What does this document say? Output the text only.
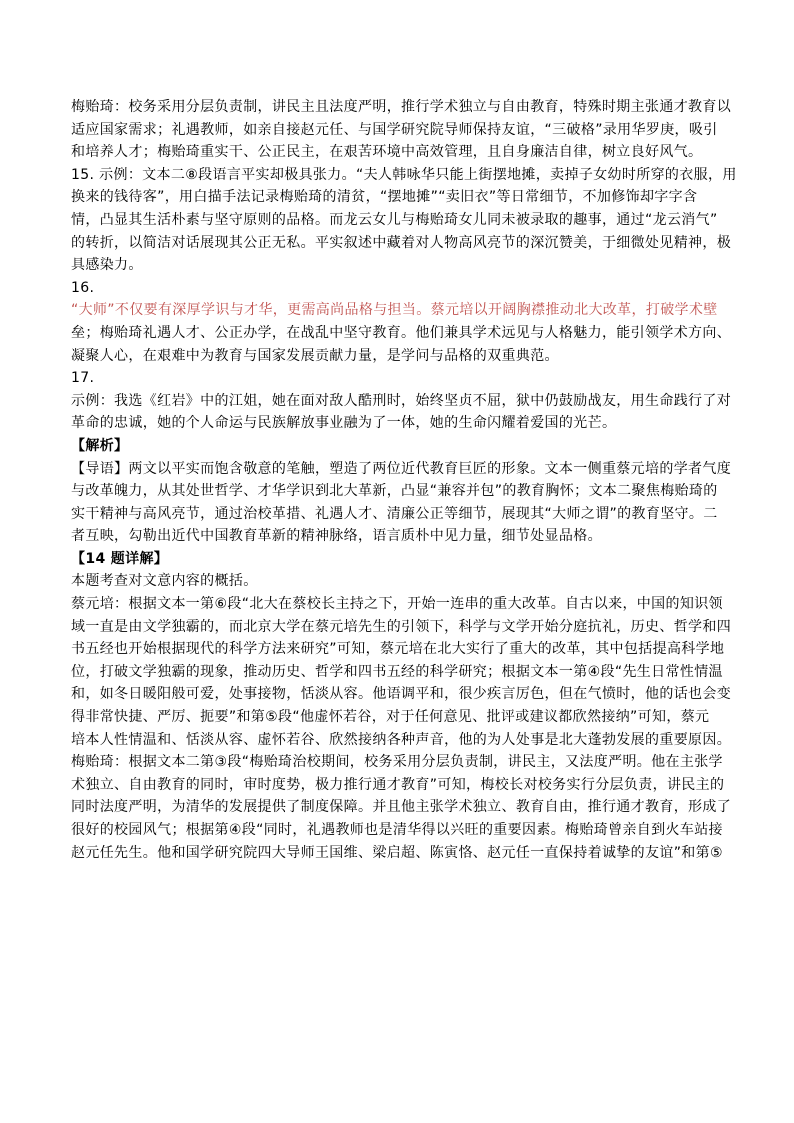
梅贻琦：校务采用分层负责制，讲民主且法度严明，推行学术独立与自由教育，特殊时期主张通才教育以
适应国家需求；礼遇教师，如亲自接赵元任、与国学研究院导师保持友谊，“三破格”录用华罗庚，吸引
和培养人才；梅贻琦重实干、公正民主，在艰苦环境中高效管理，且自身廉洁自律，树立良好风气。
15. 示例：文本二⑧段语言平实却极具张力。“夫人韩咏华只能上街摆地摊，卖掉子女幼时所穿的衣服，用
换来的钱待客”，用白描手法记录梅贻琦的清贫，“摆地摊”“卖旧衣”等日常细节，不加修饰却字字含
情，凸显其生活朴素与坚守原则的品格。而龙云女儿与梅贻琦女儿同未被录取的趣事，通过“龙云消气”
的转折，以简洁对话展现其公正无私。平实叙述中藏着对人物高风亮节的深沉赞美，于细微处见精神，极
具感染力。
16.
“大师”不仅要有深厚学识与才华，更需高尚品格与担当。蔡元培以开阔胸襟推动北大改革，打破学术壁
垒；梅贻琦礼遇人才、公正办学，在战乱中坚守教育。他们兼具学术远见与人格魅力，能引领学术方向、
凝聚人心，在艰难中为教育与国家发展贡献力量，是学问与品格的双重典范。
17.
示例：我选《红岩》中的江姐，她在面对敌人酷刑时，始终坚贞不屈，狱中仍鼓励战友，用生命践行了对
革命的忠诚，她的个人命运与民族解放事业融为了一体，她的生命闪耀着爱国的光芒。
【解析】
【导语】两文以平实而饱含敬意的笔触，塑造了两位近代教育巨匠的形象。文本一侧重蔡元培的学者气度
与改革魄力，从其处世哲学、才华学识到北大革新，凸显“兼容并包”的教育胸怀；文本二聚焦梅贻琦的
实干精神与高风亮节，通过治校革措、礼遇人才、清廉公正等细节，展现其“大师之谓”的教育坚守。二
者互映，勾勒出近代中国教育革新的精神脉络，语言质朴中见力量，细节处显品格。
【14 题详解】
本题考查对文意内容的概括。
蔡元培：根据文本一第⑥段“北大在蔡校长主持之下，开始一连串的重大改革。自古以来，中国的知识领
域一直是由文学独霸的，而北京大学在蔡元培先生的引领下，科学与文学开始分庭抗礼，历史、哲学和四
书五经也开始根据现代的科学方法来研究”可知，蔡元培在北大实行了重大的改革，其中包括提高科学地
位，打破文学独霸的现象，推动历史、哲学和四书五经的科学研究；根据文本一第④段“先生日常性情温
和，如冬日暖阳般可爱，处事接物，恬淡从容。他语调平和，很少疾言厉色，但在气愤时，他的话也会变
得非常快捷、严厉、扼要”和第⑤段“他虚怀若谷，对于任何意见、批评或建议都欣然接纳”可知，蔡元
培本人性情温和、恬淡从容、虚怀若谷、欣然接纳各种声音，他的为人处事是北大蓬勃发展的重要原因。
梅贻琦：根据文本二第③段“梅贻琦治校期间，校务采用分层负责制，讲民主，又法度严明。他在主张学
术独立、自由教育的同时，审时度势，极力推行通才教育”可知，梅校长对校务实行分层负责，讲民主的
同时法度严明，为清华的发展提供了制度保障。并且他主张学术独立、教育自由，推行通才教育，形成了
很好的校园风气；根据第④段“同时，礼遇教师也是清华得以兴旺的重要因素。梅贻琦曾亲自到火车站接
赵元任先生。他和国学研究院四大导师王国维、梁启超、陈寅恪、赵元任一直保持着诚挚的友谊”和第⑤
